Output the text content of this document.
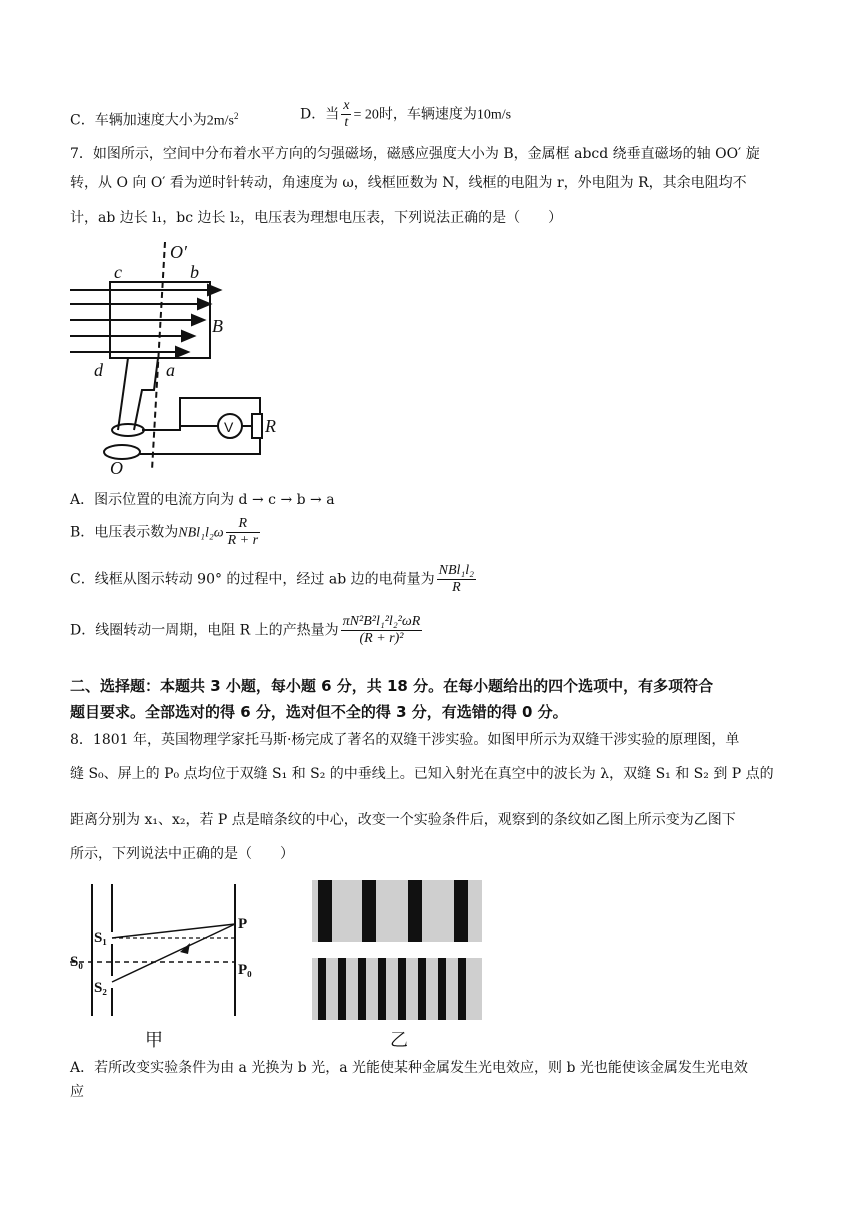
C．车辆加速度大小为$2m/s^2$	D．当 $\frac{x}{t} = 20$时，车辆速度为10m/s
7．如图所示，空间中分布着水平方向的匀强磁场，磁感应强度大小为 B，金属框 abcd 绕垂直磁场的轴 OO′ 旋
转，从 O 向 O′ 看为逆时针转动，角速度为 ω，线框匝数为 N，线框的电阻为 r，外电阻为 R，其余电阻均不
计，ab 边长 l₁，bc 边长 l₂，电压表为理想电压表，下列说法正确的是（　　）
O′
c	b
B
d	a
O
R
V
A．图示位置的电流方向为 d → c → b → a
B．电压表示数为$NBl_1l_2\omega \frac{R}{R + r}$
C．线框从图示转动 90° 的过程中，经过 ab 边的电荷量为 $\frac{\text{NBl₁l₂}}{R}$
D．线圈转动一周期，电阻 R 上的产热量为 $\frac{\text{πN²B²l₁²l₂²ωR}}{\text{(R + r)²}}$
二、选择题：本题共 3 小题，每小题 6 分，共 18 分。在每小题给出的四个选项中，有多项符合
题目要求。全部选对的得 6 分，选对但不全的得 3 分，有选错的得 0 分。
8．1801 年，英国物理学家托马斯·杨完成了著名的双缝干涉实验。如图甲所示为双缝干涉实验的原理图，单
缝 S₀、屏上的 P₀ 点均位于双缝 S₁ 和 S₂ 的中垂线上。已知入射光在真空中的波长为 λ，双缝 S₁ 和 S₂ 到 P 点的
距离分别为 x₁、x₂，若 P 点是暗条纹的中心，改变一个实验条件后，观察到的条纹如乙图上所示变为乙图下
所示，下列说法中正确的是（　　）
S₁
S₀
S₂
P
P₀
甲	乙
A．若所改变实验条件为由 a 光换为 b 光，a 光能使某种金属发生光电效应，则 b 光也能使该金属发生光电效
应
